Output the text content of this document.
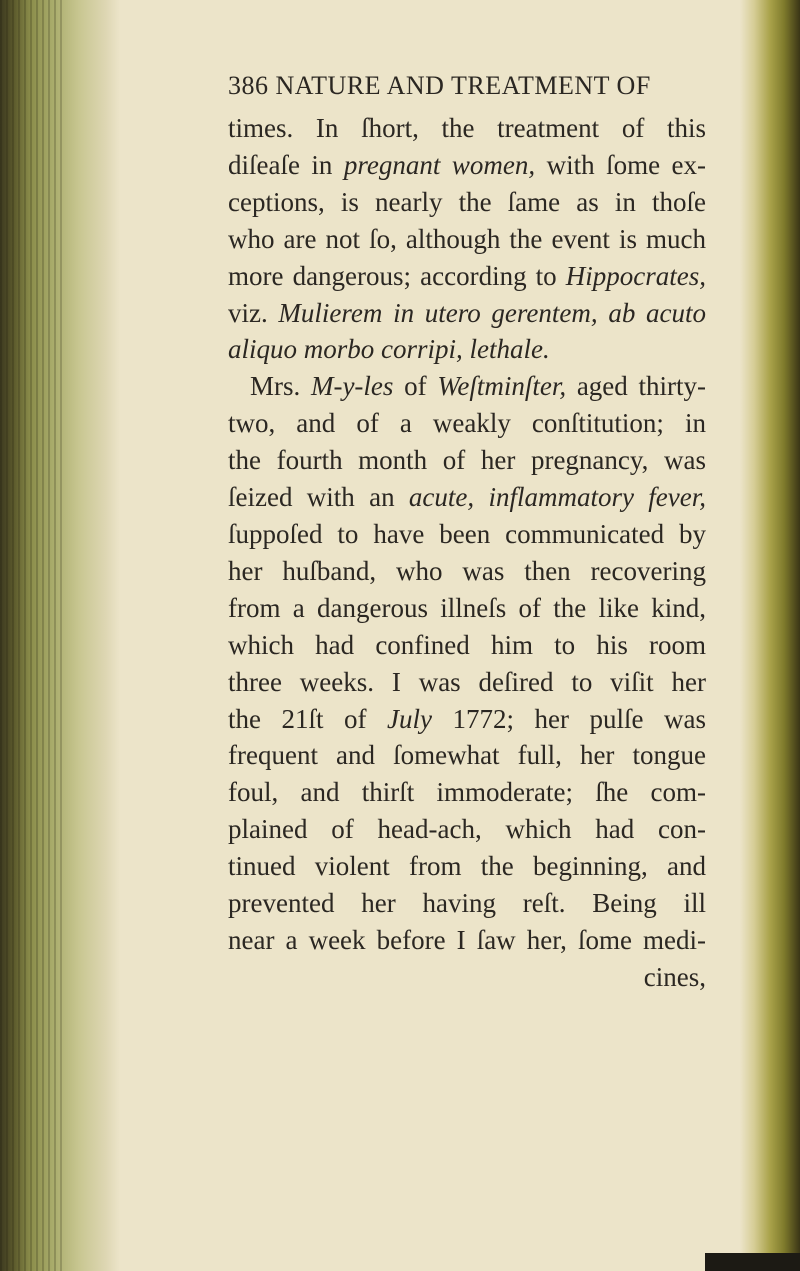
386 NATURE AND TREATMENT OF
times. In ſhort, the treatment of this
diſeaſe in pregnant women, with ſome ex-
ceptions, is nearly the ſame as in thoſe
who are not ſo, although the event is much
more dangerous; according to Hippocrates,
viz. Mulierem in utero gerentem, ab acuto
aliquo morbo corripi, lethale.
Mrs. M-y-les of Weſtminſter, aged thirty-
two, and of a weakly conſtitution; in
the fourth month of her pregnancy, was
ſeized with an acute, inflammatory fever,
ſuppoſed to have been communicated by
her huſband, who was then recovering
from a dangerous illneſs of the like kind,
which had confined him to his room
three weeks. I was deſired to viſit her
the 21ſt of July 1772; her pulſe was
frequent and ſomewhat full, her tongue
foul, and thirſt immoderate; ſhe com-
plained of head-ach, which had con-
tinued violent from the beginning, and
prevented her having reſt. Being ill
near a week before I ſaw her, ſome medi-
cines,
